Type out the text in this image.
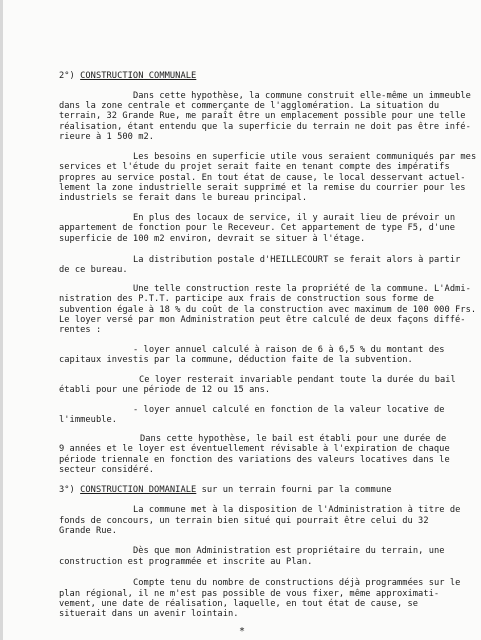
2°) CONSTRUCTION COMMUNALE

Dans cette hypothèse, la commune construit elle-même un immeuble

dans la zone centrale et commerçante de l'agglomération. La situation du

terrain, 32 Grande Rue, me paraît être un emplacement possible pour une telle

réalisation, étant entendu que la superficie du terrain ne doit pas être infé-

rieure à 1 500 m2.

Les besoins en superficie utile vous seraient communiqués par mes

services et l'étude du projet serait faite en tenant compte des impératifs

propres au service postal. En tout état de cause, le local desservant actuel-

lement la zone industrielle serait supprimé et la remise du courrier pour les

industriels se ferait dans le bureau principal.

En plus des locaux de service, il y aurait lieu de prévoir un

appartement de fonction pour le Receveur. Cet appartement de type F5, d'une

superficie de 100 m2 environ, devrait se situer à l'étage.

La distribution postale d'HEILLECOURT se ferait alors à partir

de ce bureau.

Une telle construction reste la propriété de la commune. L'Admi-

nistration des P.T.T. participe aux frais de construction sous forme de

subvention égale à 18 % du coût de la construction avec maximum de 100 000 Frs.

Le loyer versé par mon Administration peut être calculé de deux façons diffé-

rentes :

- loyer annuel calculé à raison de 6 à 6,5 % du montant des

capitaux investis par la commune, déduction faite de la subvention.

Ce loyer resterait invariable pendant toute la durée du bail

établi pour une période de 12 ou 15 ans.

- loyer annuel calculé en fonction de la valeur locative de

l'immeuble.

Dans cette hypothèse, le bail est établi pour une durée de

9 années et le loyer est éventuellement révisable à l'expiration de chaque

période triennale en fonction des variations des valeurs locatives dans le

secteur considéré.

3°) CONSTRUCTION DOMANIALE sur un terrain fourni par la commune

La commune met à la disposition de l'Administration à titre de

fonds de concours, un terrain bien situé qui pourrait être celui du 32

Grande Rue.

Dès que mon Administration est propriétaire du terrain, une

construction est programmée et inscrite au Plan.

Compte tenu du nombre de constructions déjà programmées sur le

plan régional, il ne m'est pas possible de vous fixer, même approximati-

vement, une date de réalisation, laquelle, en tout état de cause, se

situerait dans un avenir lointain.

*
